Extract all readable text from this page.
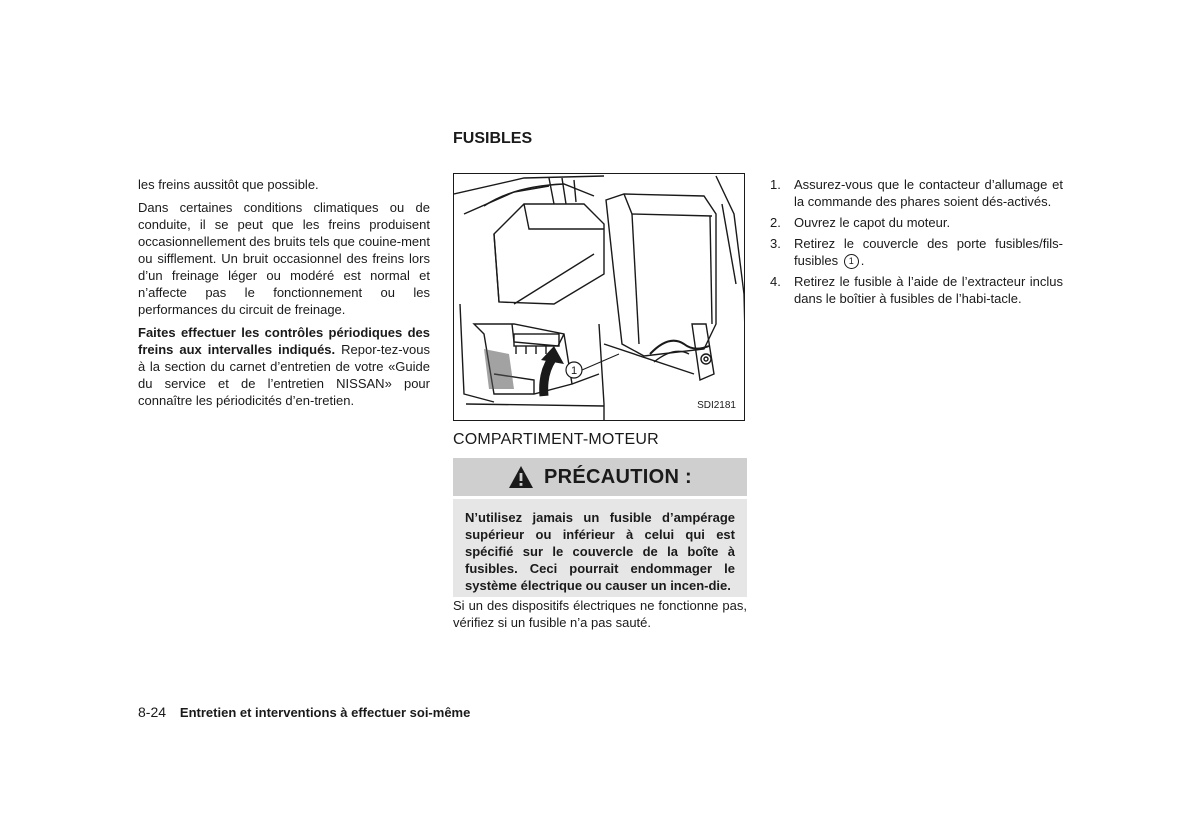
les freins aussitôt que possible.

Dans certaines conditions climatiques ou de conduite, il se peut que les freins produisent occasionnellement des bruits tels que couine-ment ou sifflement. Un bruit occasionnel des freins lors d’un freinage léger ou modéré est normal et n’affecte pas le fonctionnement ou les performances du circuit de freinage.

Faites effectuer les contrôles périodiques des freins aux intervalles indiqués. Repor-tez-vous à la section du carnet d’entretien de votre «Guide du service et de l’entretien NISSAN» pour connaître les périodicités d’en-tretien.

FUSIBLES
1
SDI2181
COMPARTIMENT-MOTEUR
PRÉCAUTION :

N’utilisez jamais un fusible d’ampérage supérieur ou inférieur à celui qui est spécifié sur le couvercle de la boîte à fusibles. Ceci pourrait endommager le système électrique ou causer un incen-die.

Si un des dispositifs électriques ne fonctionne pas, vérifiez si un fusible n’a pas sauté.

1.	Assurez-vous que le contacteur d’allumage et la commande des phares soient dés-activés.
2.	Ouvrez le capot du moteur.
3.	Retirez le couvercle des porte fusibles/fils-fusibles 1 .
4.	Retirez le fusible à l’aide de l’extracteur inclus dans le boîtier à fusibles de l’habi-tacle.
8-24 Entretien et interventions à effectuer soi-même
